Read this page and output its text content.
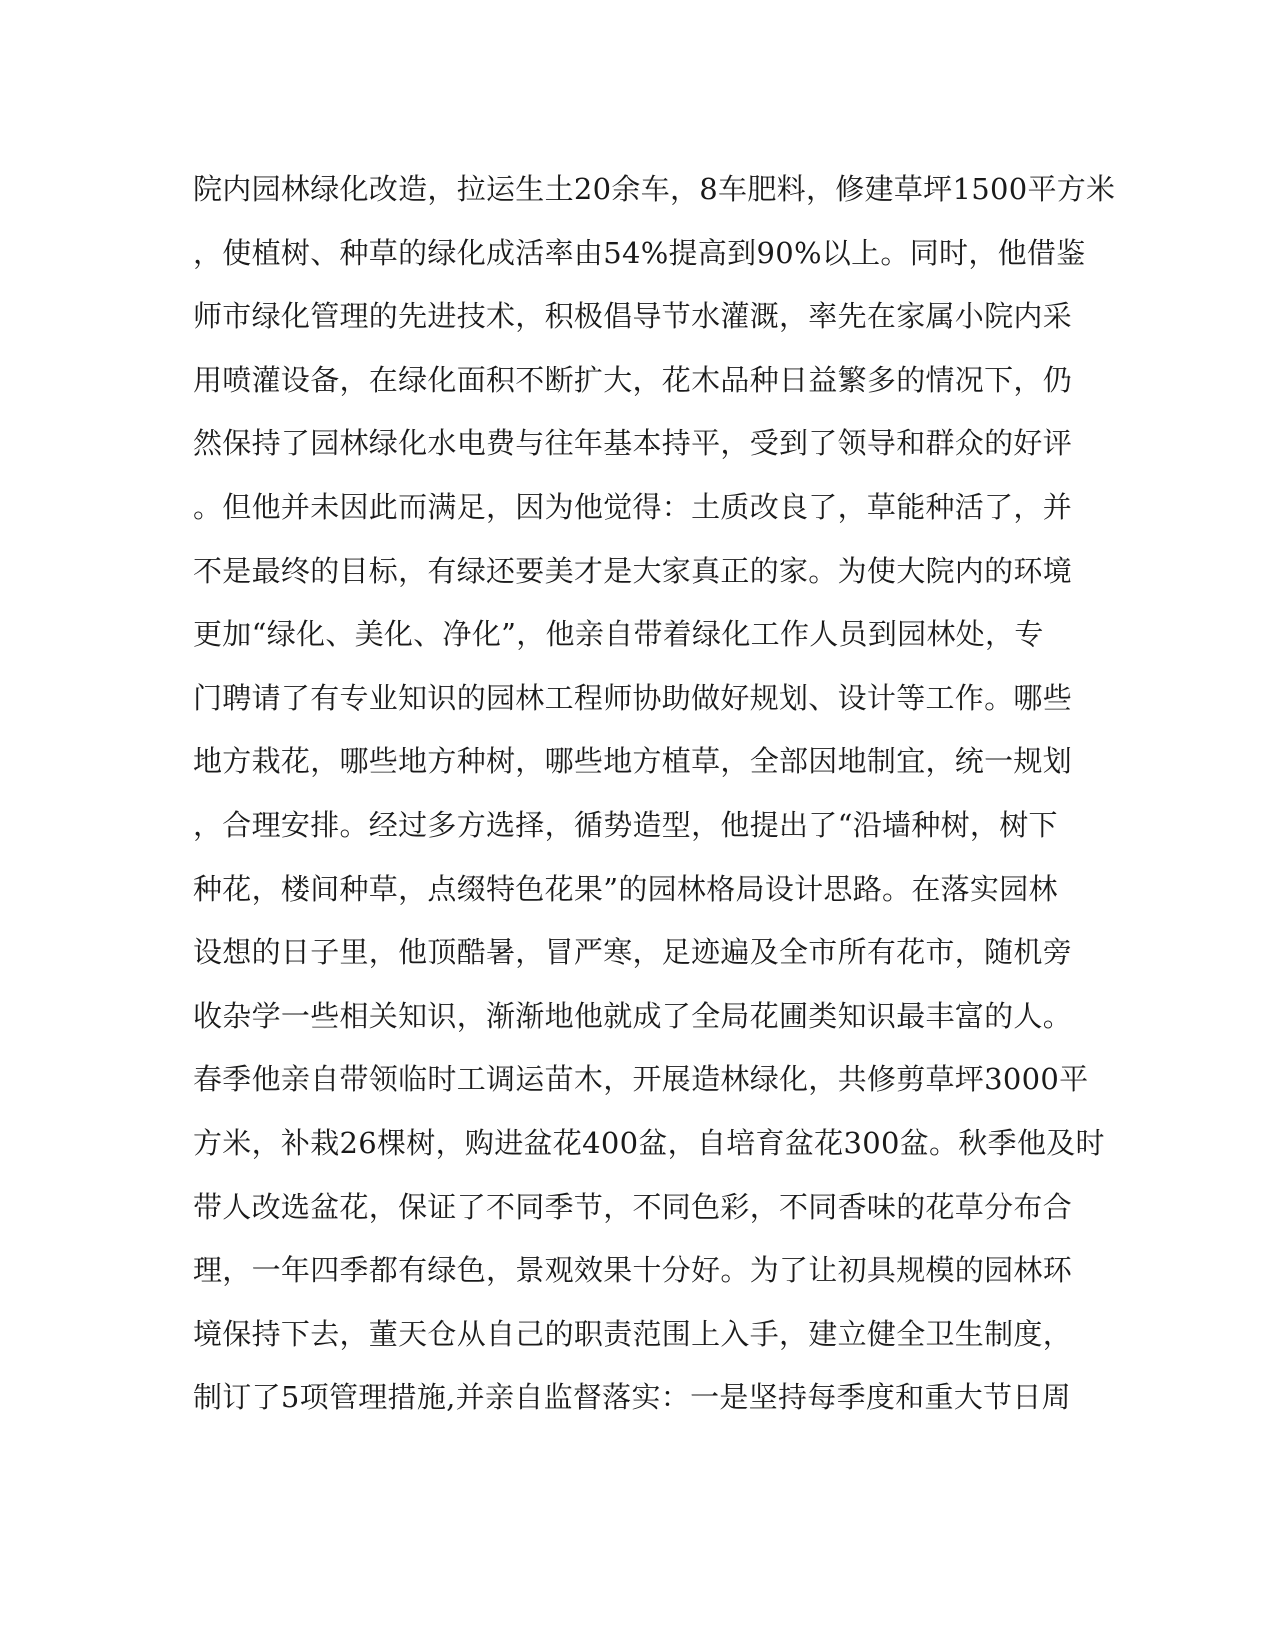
院内园林绿化改造，拉运生土20余车，8车肥料，修建草坪1500平方米
，使植树、种草的绿化成活率由54%提高到90%以上。同时，他借鉴
师市绿化管理的先进技术，积极倡导节水灌溉，率先在家属小院内采
用喷灌设备，在绿化面积不断扩大，花木品种日益繁多的情况下，仍
然保持了园林绿化水电费与往年基本持平，受到了领导和群众的好评
。但他并未因此而满足，因为他觉得：土质改良了，草能种活了，并
不是最终的目标，有绿还要美才是大家真正的家。为使大院内的环境
更加“绿化、美化、净化”，他亲自带着绿化工作人员到园林处，专
门聘请了有专业知识的园林工程师协助做好规划、设计等工作。哪些
地方栽花，哪些地方种树，哪些地方植草，全部因地制宜，统一规划
，合理安排。经过多方选择，循势造型，他提出了“沿墙种树，树下
种花，楼间种草，点缀特色花果”的园林格局设计思路。在落实园林
设想的日子里，他顶酷暑，冒严寒，足迹遍及全市所有花市，随机旁
收杂学一些相关知识，渐渐地他就成了全局花圃类知识最丰富的人。
春季他亲自带领临时工调运苗木，开展造林绿化，共修剪草坪3000平
方米，补栽26棵树，购进盆花400盆，自培育盆花300盆。秋季他及时
带人改选盆花，保证了不同季节，不同色彩，不同香味的花草分布合
理，一年四季都有绿色，景观效果十分好。为了让初具规模的园林环
境保持下去，董天仓从自己的职责范围上入手，建立健全卫生制度，
制订了5项管理措施,并亲自监督落实：一是坚持每季度和重大节日周
